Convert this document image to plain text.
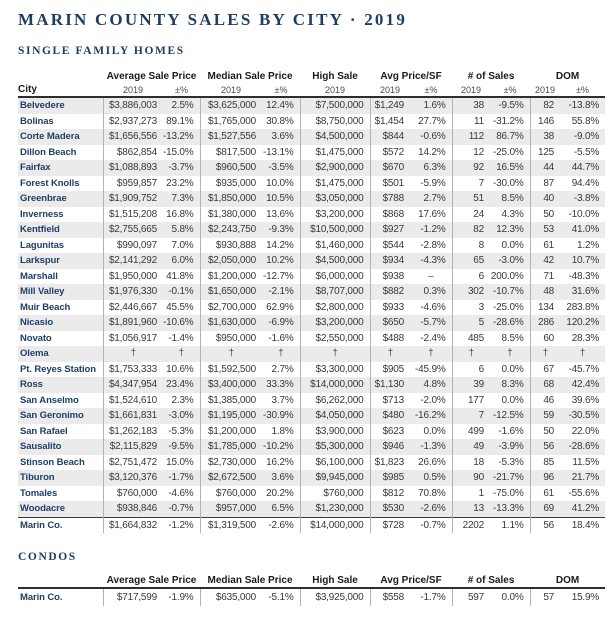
MARIN COUNTY SALES BY CITY · 2019
SINGLE FAMILY HOMES
City	Average Sale Price		Median Sale Price		High Sale	Avg Price/SF		# of Sales		DOM	
	2019	±%	2019	±%	2019	2019	±%	2019	±%	2019	±%
Belvedere	$3,886,003	2.5%	$3,625,000	12.4%	$7,500,000	$1,249	1.6%	38	-9.5%	82	-13.8%
Bolinas	$2,937,273	89.1%	$1,765,000	30.8%	$8,750,000	$1,454	27.7%	11	-31.2%	146	55.8%
Corte Madera	$1,656,556	-13.2%	$1,527,556	3.6%	$4,500,000	$844	-0.6%	112	86.7%	38	-9.0%
Dillon Beach	$862,854	-15.0%	$817,500	-13.1%	$1,475,000	$572	14.2%	12	-25.0%	125	-5.5%
Fairfax	$1,088,893	-3.7%	$960,500	-3.5%	$2,900,000	$670	6.3%	92	16.5%	44	44.7%
Forest Knolls	$959,857	23.2%	$935,000	10.0%	$1,475,000	$501	-5.9%	7	-30.0%	87	94.4%
Greenbrae	$1,909,752	7.3%	$1,850,000	10.5%	$3,050,000	$788	2.7%	51	8.5%	40	-3.8%
Inverness	$1,515,208	16.8%	$1,380,000	13.6%	$3,200,000	$868	17.6%	24	4.3%	50	-10.0%
Kentfield	$2,755,665	5.8%	$2,243,750	-9.3%	$10,500,000	$927	-1.2%	82	12.3%	53	41.0%
Lagunitas	$990,097	7.0%	$930,888	14.2%	$1,460,000	$544	-2.8%	8	0.0%	61	1.2%
Larkspur	$2,141,292	6.0%	$2,050,000	10.2%	$4,500,000	$934	-4.3%	65	-3.0%	42	10.7%
Marshall	$1,950,000	41.8%	$1,200,000	-12.7%	$6,000,000	$938	–	6	200.0%	71	-48.3%
Mill Valley	$1,976,330	-0.1%	$1,650,000	-2.1%	$8,707,000	$882	0.3%	302	-10.7%	48	31.6%
Muir Beach	$2,446,667	45.5%	$2,700,000	62.9%	$2,800,000	$933	-4.6%	3	-25.0%	134	283.8%
Nicasio	$1,891,960	-10.6%	$1,630,000	-6.9%	$3,200,000	$650	-5.7%	5	-28.6%	286	120.2%
Novato	$1,056,917	-1.4%	$950,000	-1.6%	$2,550,000	$488	-2.4%	485	8.5%	60	28.3%
Olema	†	†	†	†	†	†	†	†	†	†	†
Pt. Reyes Station	$1,753,333	10.6%	$1,592,500	2.7%	$3,300,000	$905	-45.9%	6	0.0%	67	-45.7%
Ross	$4,347,954	23.4%	$3,400,000	33.3%	$14,000,000	$1,130	4.8%	39	8.3%	68	42.4%
San Anselmo	$1,524,610	2.3%	$1,385,000	3.7%	$6,262,000	$713	-2.0%	177	0.0%	46	39.6%
San Geronimo	$1,661,831	-3.0%	$1,195,000	-30.9%	$4,050,000	$480	-16.2%	7	-12.5%	59	-30.5%
San Rafael	$1,262,183	-5.3%	$1,200,000	1.8%	$3,900,000	$623	0.0%	499	-1.6%	50	22.0%
Sausalito	$2,115,829	-9.5%	$1,785,000	-10.2%	$5,300,000	$946	-1.3%	49	-3.9%	56	-28.6%
Stinson Beach	$2,751,472	15.0%	$2,730,000	16.2%	$6,100,000	$1,823	26.6%	18	-5.3%	85	11.5%
Tiburon	$3,120,376	-1.7%	$2,672,500	3.6%	$9,945,000	$985	0.5%	90	-21.7%	96	21.7%
Tomales	$760,000	-4.6%	$760,000	20.2%	$760,000	$812	70.8%	1	-75.0%	61	-55.6%
Woodacre	$938,846	-0.7%	$957,000	6.5%	$1,230,000	$530	-2.6%	13	-13.3%	69	41.2%
Marin Co.	$1,664,832	-1.2%	$1,319,500	-2.6%	$14,000,000	$728	-0.7%	2202	1.1%	56	18.4%
CONDOS
	Average Sale Price		Median Sale Price		High Sale	Avg Price/SF		# of Sales		DOM	
Marin Co.	$717,599	-1.9%	$635,000	-5.1%	$3,925,000	$558	-1.7%	597	0.0%	57	15.9%
